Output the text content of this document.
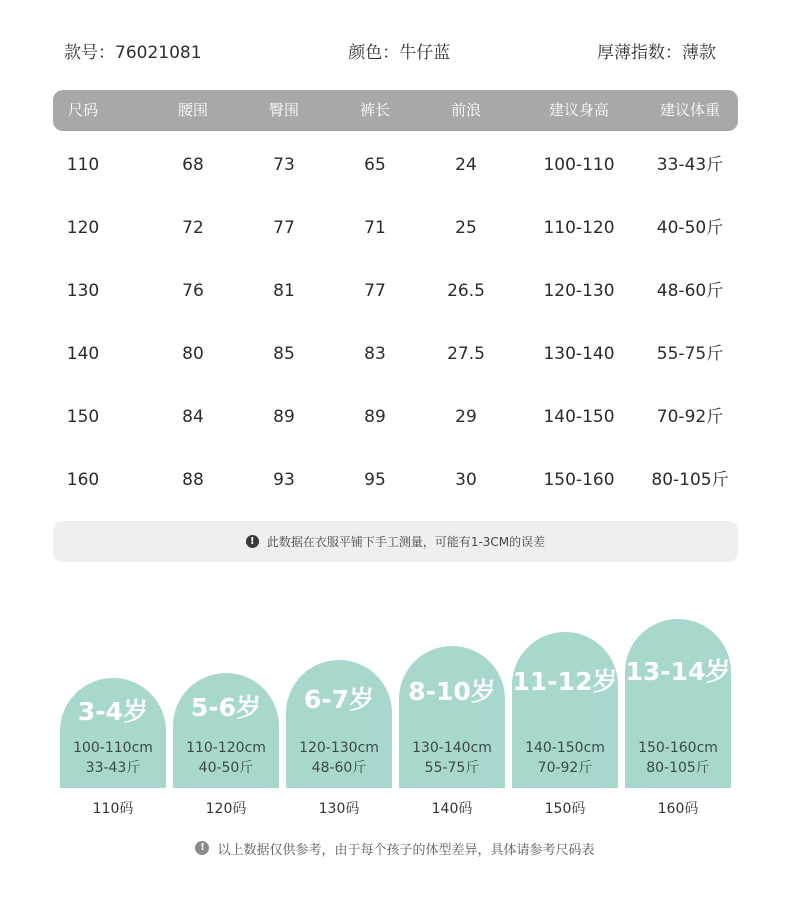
款号：76021081	颜色：牛仔蓝	厚薄指数：薄款
尺码	腰围	臀围	裤长	前浪	建议身高	建议体重
110	68	73	65	24	100-110 33-43斤
120	72	77	71	25	110-120 40-50斤
130	76	81	77	26.5	120-130 48-60斤
140	80	85	83	27.5	130-140 55-75斤
150	84	89	89	29	140-150 70-92斤
160	88	93	95	30	150-160 80-105斤
!	此数据在衣服平铺下手工测量，可能有1-3CM的误差
3-4岁
100-110cm
33-43斤
110码
5-6岁
110-120cm
40-50斤
120码
6-7岁
120-130cm
48-60斤
130码
8-10岁
130-140cm
55-75斤
140码
11-12岁
140-150cm
70-92斤
150码
13-14岁
150-160cm
80-105斤
160码
! 以上数据仅供参考，由于每个孩子的体型差异，具体请参考尺码表
